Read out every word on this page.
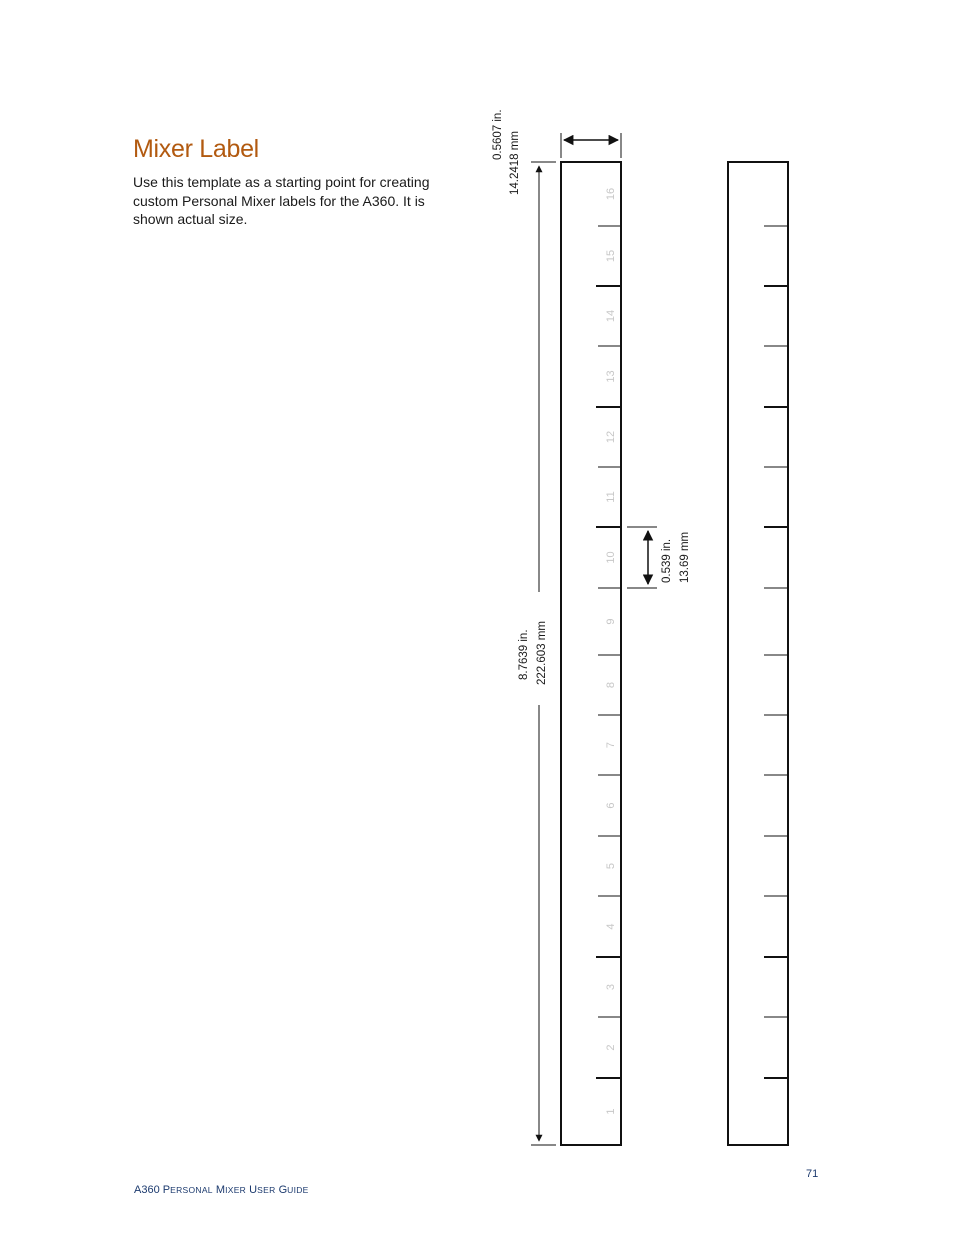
Mixer Label
Use this template as a starting point for creating custom Personal Mixer labels for the A360. It is shown actual size.
16
15
14
13
12
11
10
9
8
7
6
5
4
3
2
1
0.5607 in. 14.2418 mm
8.7639 in. 222.603 mm
0.539 in. 13.69 mm
A360 PERSONAL MIXER USER GUIDE
71
